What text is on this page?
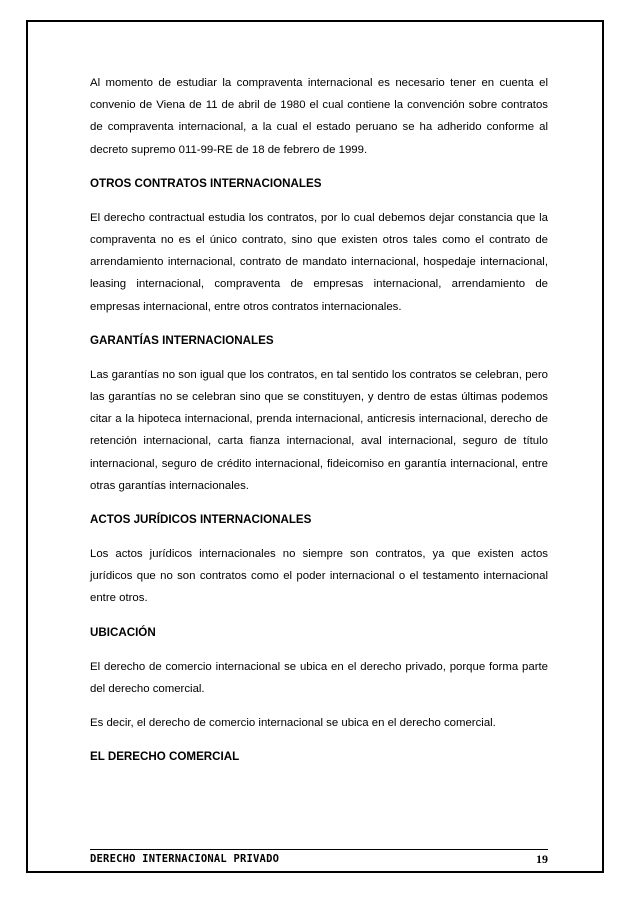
Al momento de estudiar la compraventa internacional es necesario tener en cuenta el convenio de Viena de 11 de abril de 1980 el cual contiene la convención sobre contratos de compraventa internacional, a la cual el estado peruano se ha adherido conforme al decreto supremo 011-99-RE de 18 de febrero de 1999.

OTROS CONTRATOS INTERNACIONALES

El derecho contractual estudia los contratos, por lo cual debemos dejar constancia que la compraventa no es el único contrato, sino que existen otros tales como el contrato de arrendamiento internacional, contrato de mandato internacional, hospedaje internacional, leasing internacional, compraventa de empresas internacional, arrendamiento de empresas internacional, entre otros contratos internacionales.

GARANTÍAS INTERNACIONALES

Las garantías no son igual que los contratos, en tal sentido los contratos se celebran, pero las garantías no se celebran sino que se constituyen, y dentro de estas últimas podemos citar a la hipoteca internacional, prenda internacional, anticresis internacional, derecho de retención internacional, carta fianza internacional, aval internacional, seguro de título internacional, seguro de crédito internacional, fideicomiso en garantía internacional, entre otras garantías internacionales.

ACTOS JURÍDICOS INTERNACIONALES

Los actos jurídicos internacionales no siempre son contratos, ya que existen actos jurídicos que no son contratos como el poder internacional o el testamento internacional entre otros.

UBICACIÓN

El derecho de comercio internacional se ubica en el derecho privado, porque forma parte del derecho comercial.

Es decir, el derecho de comercio internacional se ubica en el derecho comercial.

EL DERECHO COMERCIAL
DERECHO INTERNACIONAL PRIVADO	19
